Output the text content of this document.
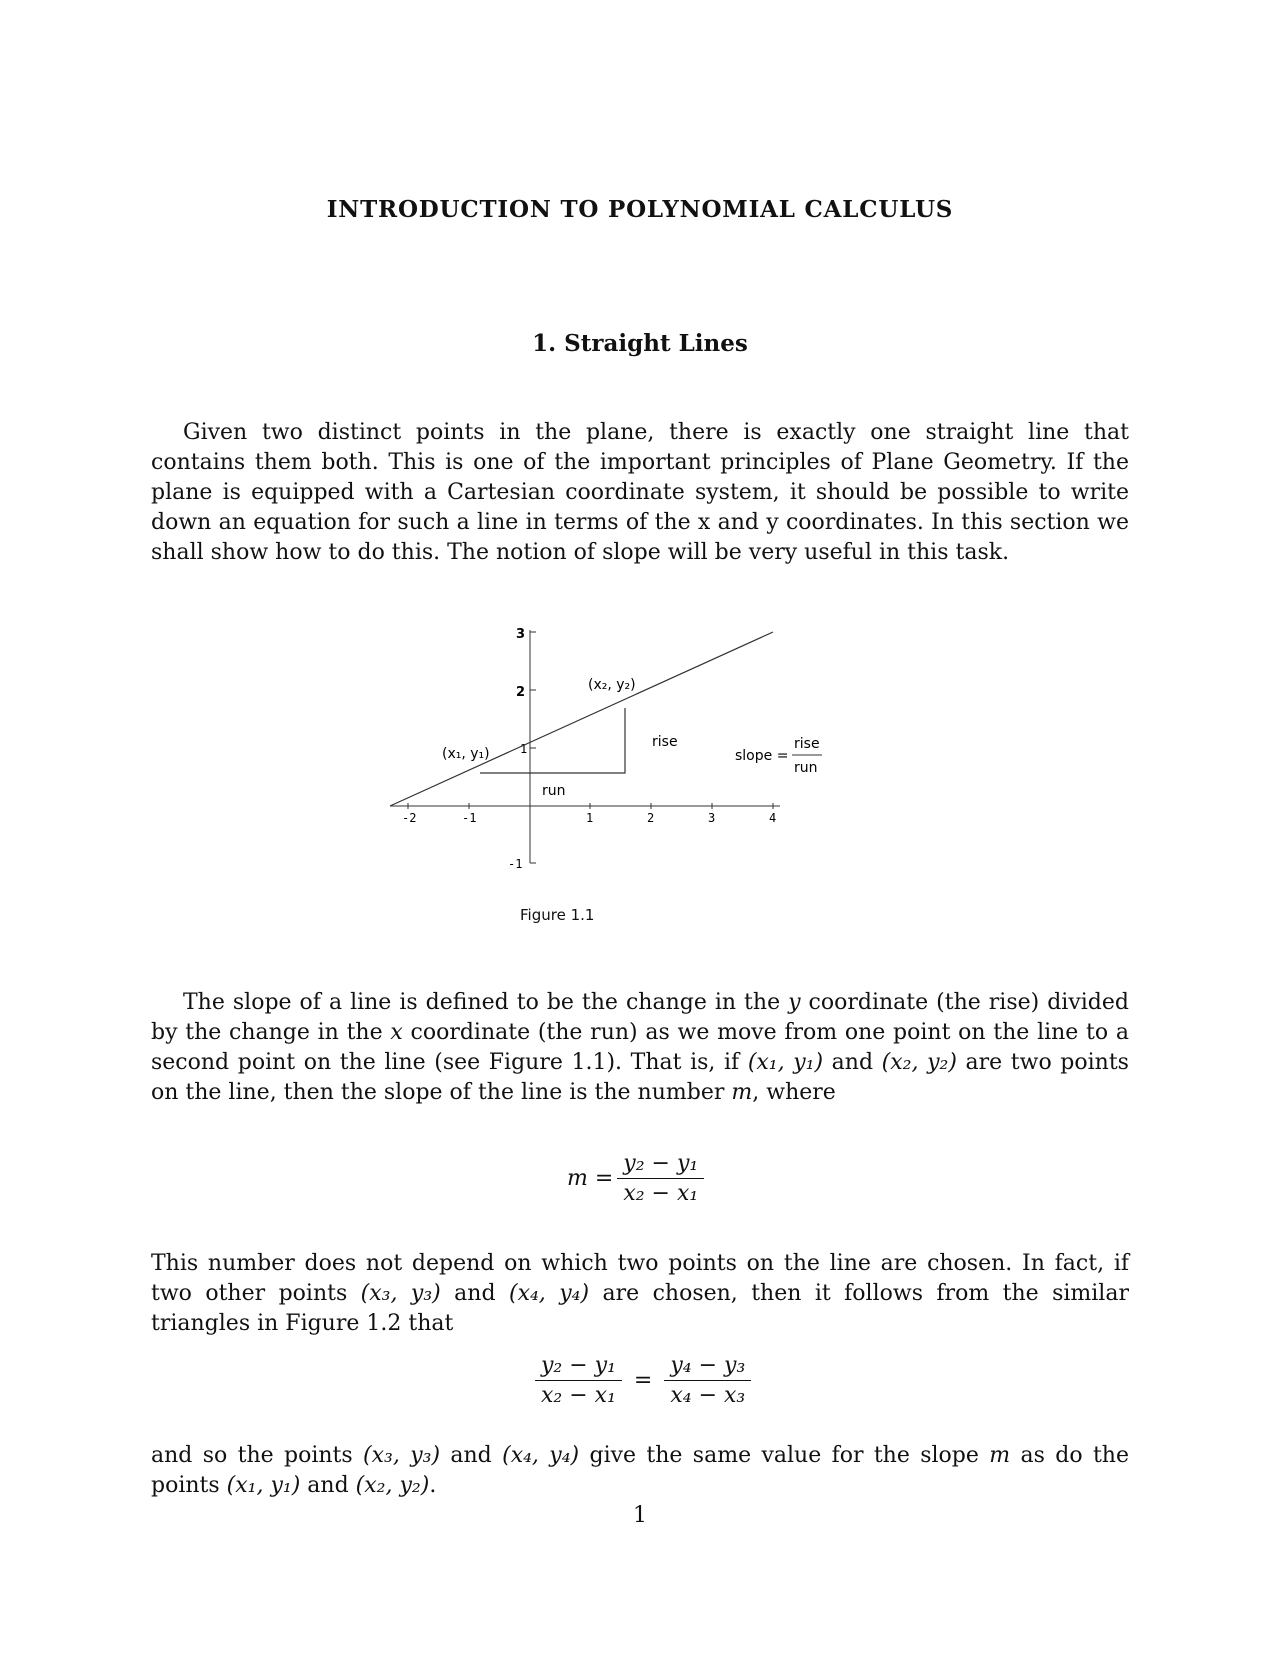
INTRODUCTION TO POLYNOMIAL CALCULUS
1. Straight Lines

Given two distinct points in the plane, there is exactly one straight line that contains them both. This is one of the important principles of Plane Geometry. If the plane is equipped with a Cartesian coordinate system, it should be possible to write down an equation for such a line in terms of the x and y coordinates. In this section we shall show how to do this. The notion of slope will be very useful in this task.

-2	-1	1	2	3	4
3
2
1
-1
(x₁, y₁)
(x₂, y₂)
rise
run
slope =
rise
run
Figure 1.1

The slope of a line is defined to be the change in the y coordinate (the rise) divided by the change in the x coordinate (the run) as we move from one point on the line to a second point on the line (see Figure 1.1). That is, if (x₁, y₁) and (x₂, y₂) are two points on the line, then the slope of the line is the number m, where

$m = \frac{\text{y₂ − y₁}}{\text{x₂ − x₁}}$

This number does not depend on which two points on the line are chosen. In fact, if two other points (x₃, y₃) and (x₄, y₄) are chosen, then it follows from the similar triangles in Figure 1.2 that

$\frac{\text{y₂ − y₁}}{\text{x₂ − x₁}} = \frac{\text{y₄ − y₃}}{\text{x₄ − x₃}}$

and so the points (x₃, y₃) and (x₄, y₄) give the same value for the slope m as do the points (x₁, y₁) and (x₂, y₂).

1
